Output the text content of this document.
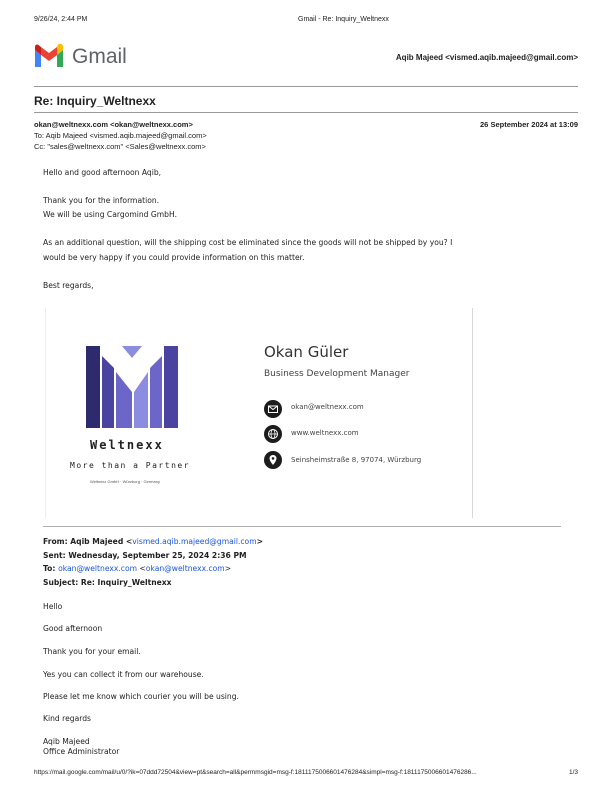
9/26/24, 2:44 PM	Gmail - Re: Inquiry_Weltnexx
Gmail	Aqib Majeed <vismed.aqib.majeed@gmail.com>
Re: Inquiry_Weltnexx
okan@weltnexx.com <okan@weltnexx.com>	26 September 2024 at 13:09
To: Aqib Majeed <vismed.aqib.majeed@gmail.com>
Cc: "sales@weltnexx.com" <Sales@weltnexx.com>
Hello and good afternoon Aqib,
Thank you for the information.
We will be using Cargomind GmbH.
As an additional question, will the shipping cost be eliminated since the goods will not be shipped by you? I
would be very happy if you could provide information on this matter.
Best regards,
Weltnexx
More than a Partner
Weltnexx GmbH · Würzburg · Germany
Okan Güler
Business Development Manager
okan@weltnexx.com
www.weltnexx.com
Seinsheimstraße 8, 97074, Würzburg
From: Aqib Majeed <vismed.aqib.majeed@gmail.com>
Sent: Wednesday, September 25, 2024 2:36 PM
To: okan@weltnexx.com <okan@weltnexx.com>
Subject: Re: Inquiry_Weltnexx
Hello
Good afternoon
Thank you for your email.
Yes you can collect it from our warehouse.
Please let me know which courier you will be using.
Kind regards
Aqib Majeed
Office Administrator
https://mail.google.com/mail/u/0/?ik=07ddd72504&view=pt&search=all&permmsgid=msg-f:1811175006601476284&simpl=msg-f:1811175006601476286...	1/3
